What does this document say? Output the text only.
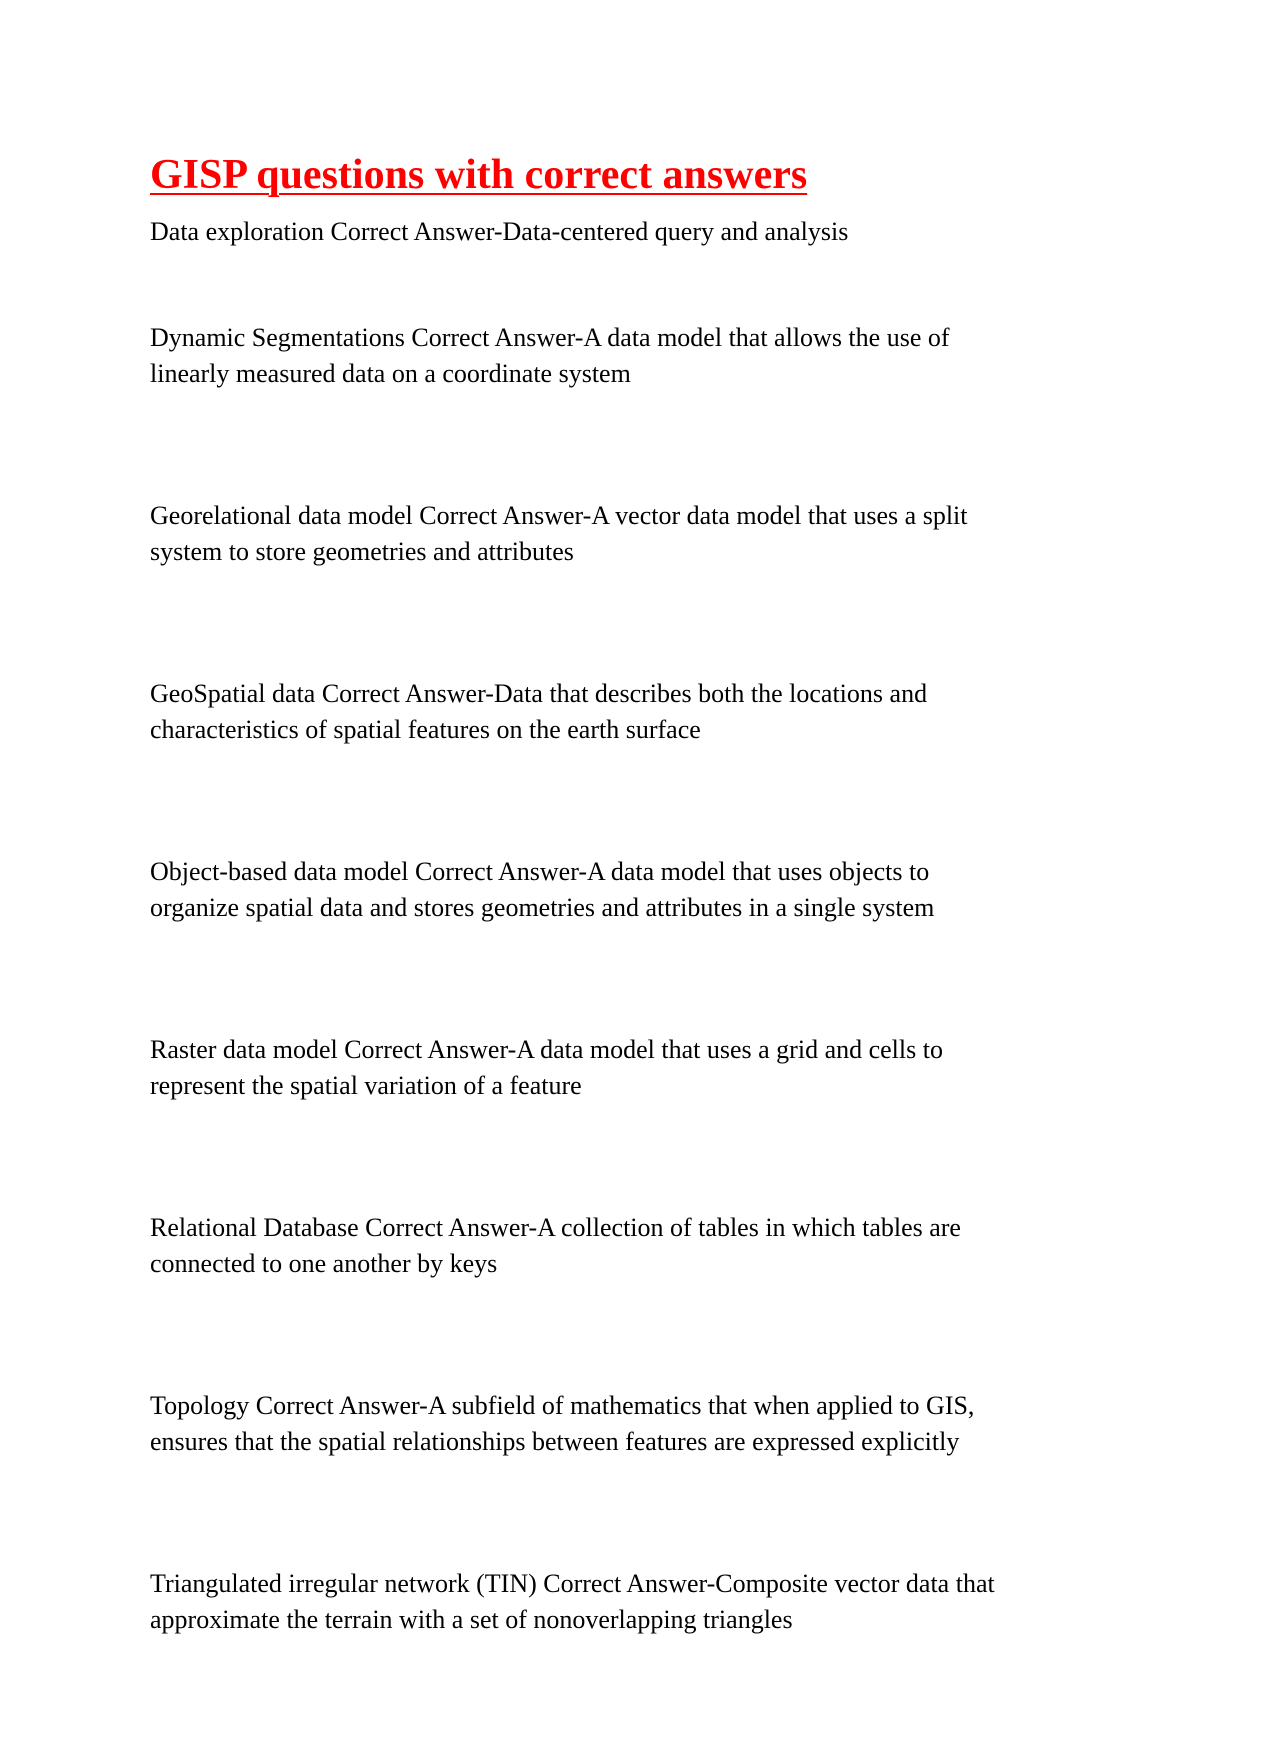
GISP questions with correct answers

Data exploration Correct Answer-Data-centered query and analysis

Dynamic Segmentations Correct Answer-A data model that allows the use of
linearly measured data on a coordinate system

Georelational data model Correct Answer-A vector data model that uses a split
system to store geometries and attributes

GeoSpatial data Correct Answer-Data that describes both the locations and
characteristics of spatial features on the earth surface

Object-based data model Correct Answer-A data model that uses objects to
organize spatial data and stores geometries and attributes in a single system

Raster data model Correct Answer-A data model that uses a grid and cells to
represent the spatial variation of a feature

Relational Database Correct Answer-A collection of tables in which tables are
connected to one another by keys

Topology Correct Answer-A subfield of mathematics that when applied to GIS,
ensures that the spatial relationships between features are expressed explicitly

Triangulated irregular network (TIN) Correct Answer-Composite vector data that
approximate the terrain with a set of nonoverlapping triangles
